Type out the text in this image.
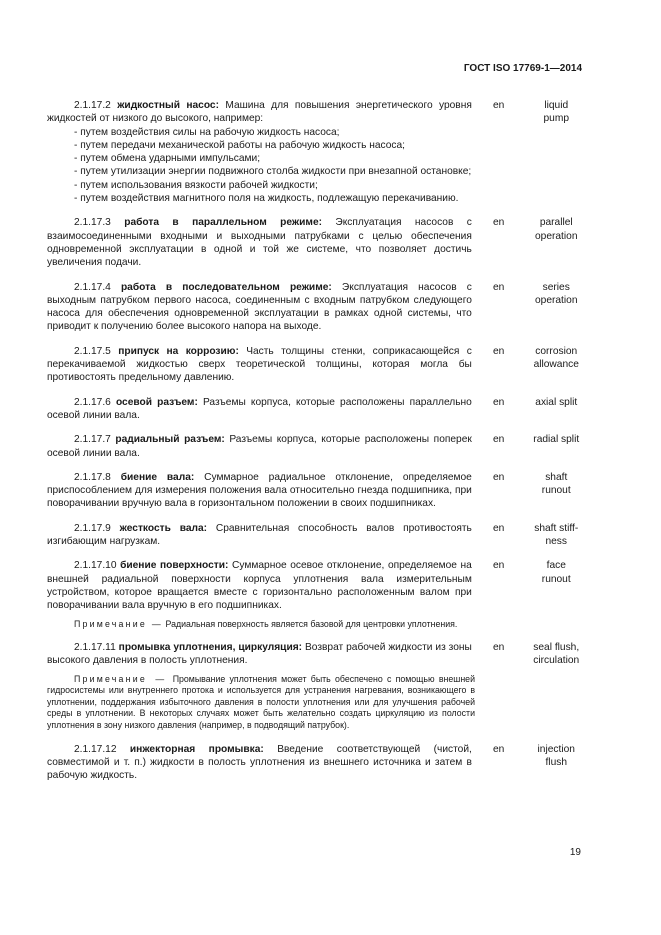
ГОСТ ISO 17769-1—2014

2.1.17.2 жидкостный насос: Машина для повышения энергетического уровня жидкостей от низкого до высокого, например:

- путем воздействия силы на рабочую жидкость насоса;

- путем передачи механической работы на рабочую жидкость насоса;

- путем обмена ударными импульсами;

- путем утилизации энергии подвижного столба жидкости при внезапной остановке;

- путем использования вязкости рабочей жидкости;

- путем воздействия магнитного поля на жидкость, подлежащую перекачиванию.

en	liquid
pump

2.1.17.3 работа в параллельном режиме: Эксплуатация насосов с взаимосоединенными входными и выходными патрубками с целью обеспечения одновременной эксплуатации в одной и той же системе, что позволяет достичь увеличения подачи.

en	parallel
operation

2.1.17.4 работа в последовательном режиме: Эксплуатация насосов с выходным патрубком первого насоса, соединенным с входным патрубком следующего насоса для обеспечения одновременной эксплуатации в рамках одной системы, что приводит к получению более высокого напора на выходе.

en	series
operation

2.1.17.5 припуск на коррозию: Часть толщины стенки, соприкасающейся с перекачиваемой жидкостью сверх теоретической толщины, которая могла бы противостоять предельному давлению.

en	corrosion
allowance

2.1.17.6 осевой разъем: Разъемы корпуса, которые расположены параллельно осевой линии вала.

en	axial split

2.1.17.7 радиальный разъем: Разъемы корпуса, которые расположены поперек осевой линии вала.

en	radial split

2.1.17.8 биение вала: Суммарное радиальное отклонение, определяемое приспособлением для измерения положения вала относительно гнезда подшипника, при поворачивании вручную вала в горизонтальном положении в своих подшипниках.

en	shaft
runout

2.1.17.9 жесткость вала: Сравнительная способность валов противостоять изгибающим нагрузкам.

en	shaft stiff-
ness

2.1.17.10 биение поверхности: Суммарное осевое отклонение, определяемое на внешней радиальной поверхности корпуса уплотнения вала измерительным устройством, которое вращается вместе с горизонтально расположенным валом при поворачивании вала вручную в его подшипниках.

en	face
runout

Примечание — Радиальная поверхность является базовой для центровки уплотнения.

2.1.17.11 промывка уплотнения, циркуляция: Возврат рабочей жидкости из зоны высокого давления в полость уплотнения.

en	seal flush,
circulation

Примечание — Промывание уплотнения может быть обеспечено с помощью внешней гидросистемы или внутреннего протока и используется для устранения нагревания, возникающего в уплотнении, поддержания избыточного давления в полости уплотнения или для улучшения рабочей среды в уплотнении. В некоторых случаях может быть желательно создать циркуляцию из полости уплотнения в зону низкого давления (например, в подводящий патрубок).

2.1.17.12 инжекторная промывка: Введение соответствующей (чистой, совместимой и т. п.) жидкости в полость уплотнения из внешнего источника и затем в рабочую жидкость.

en	injection
flush
19
